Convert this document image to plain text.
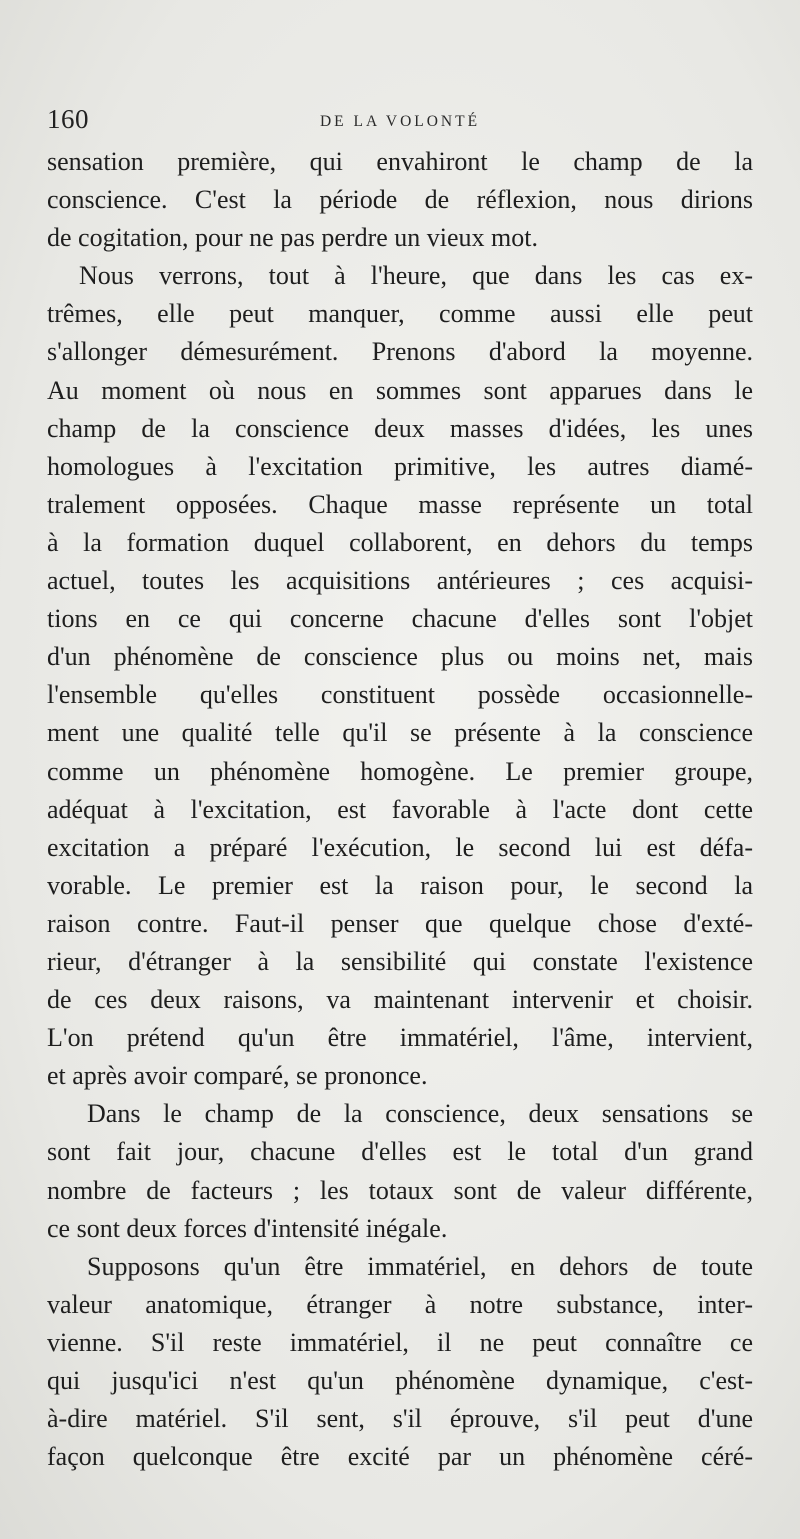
160	DE LA VOLONTÉ
sensation première, qui envahiront le champ de la
conscience. C'est la période de réflexion, nous dirions
de cogitation, pour ne pas perdre un vieux mot.
Nous verrons, tout à l'heure, que dans les cas ex-
trêmes, elle peut manquer, comme aussi elle peut
s'allonger démesurément. Prenons d'abord la moyenne.
Au moment où nous en sommes sont apparues dans le
champ de la conscience deux masses d'idées, les unes
homologues à l'excitation primitive, les autres diamé-
tralement opposées. Chaque masse représente un total
à la formation duquel collaborent, en dehors du temps
actuel, toutes les acquisitions antérieures ; ces acquisi-
tions en ce qui concerne chacune d'elles sont l'objet
d'un phénomène de conscience plus ou moins net, mais
l'ensemble qu'elles constituent possède occasionnelle-
ment une qualité telle qu'il se présente à la conscience
comme un phénomène homogène. Le premier groupe,
adéquat à l'excitation, est favorable à l'acte dont cette
excitation a préparé l'exécution, le second lui est défa-
vorable. Le premier est la raison pour, le second la
raison contre. Faut-il penser que quelque chose d'exté-
rieur, d'étranger à la sensibilité qui constate l'existence
de ces deux raisons, va maintenant intervenir et choisir.
L'on prétend qu'un être immatériel, l'âme, intervient,
et après avoir comparé, se prononce.
Dans le champ de la conscience, deux sensations se
sont fait jour, chacune d'elles est le total d'un grand
nombre de facteurs ; les totaux sont de valeur différente,
ce sont deux forces d'intensité inégale.
Supposons qu'un être immatériel, en dehors de toute
valeur anatomique, étranger à notre substance, inter-
vienne. S'il reste immatériel, il ne peut connaître ce
qui jusqu'ici n'est qu'un phénomène dynamique, c'est-
à-dire matériel. S'il sent, s'il éprouve, s'il peut d'une
façon quelconque être excité par un phénomène céré-
